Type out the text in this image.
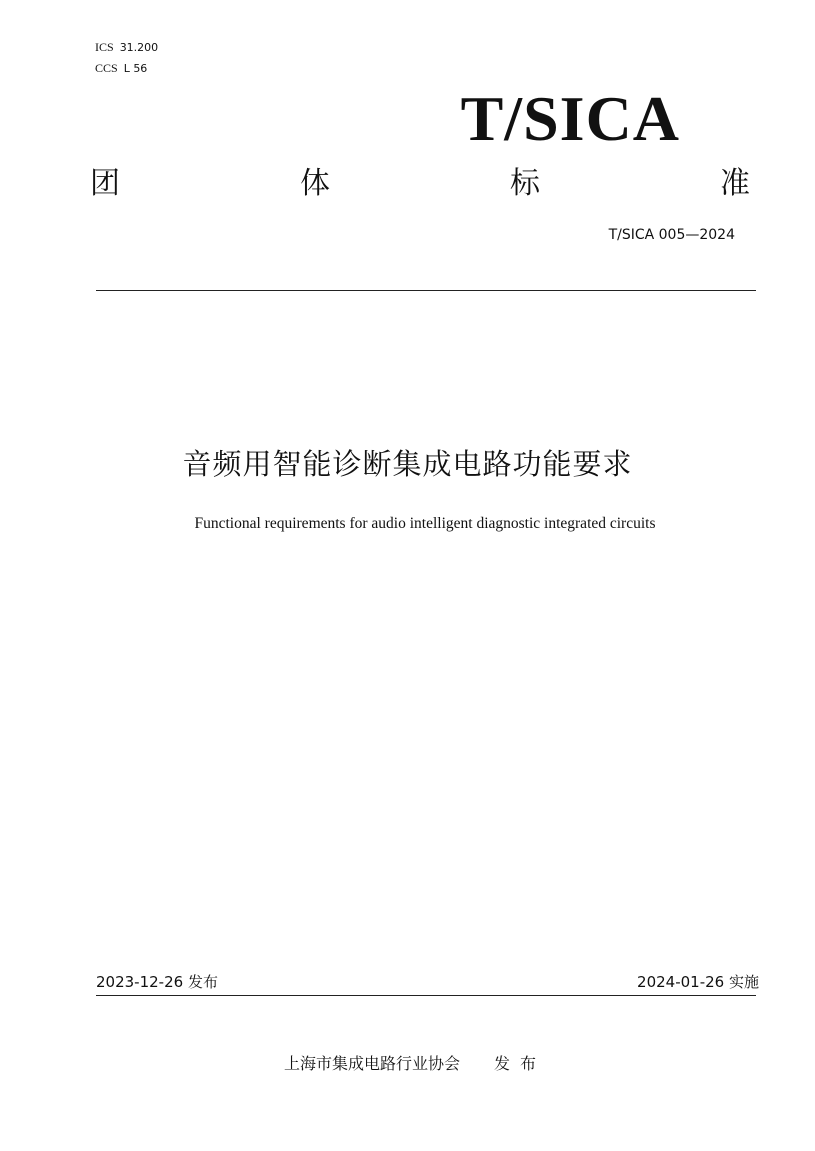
ICS 31.200
CCS L 56
T/SICA
团	体	标	准
T/SICA 005—2024
音频用智能诊断集成电路功能要求
Functional requirements for audio intelligent diagnostic integrated circuits
2023-12-26 发布	2024-01-26 实施
上海市集成电路行业协会 发布
